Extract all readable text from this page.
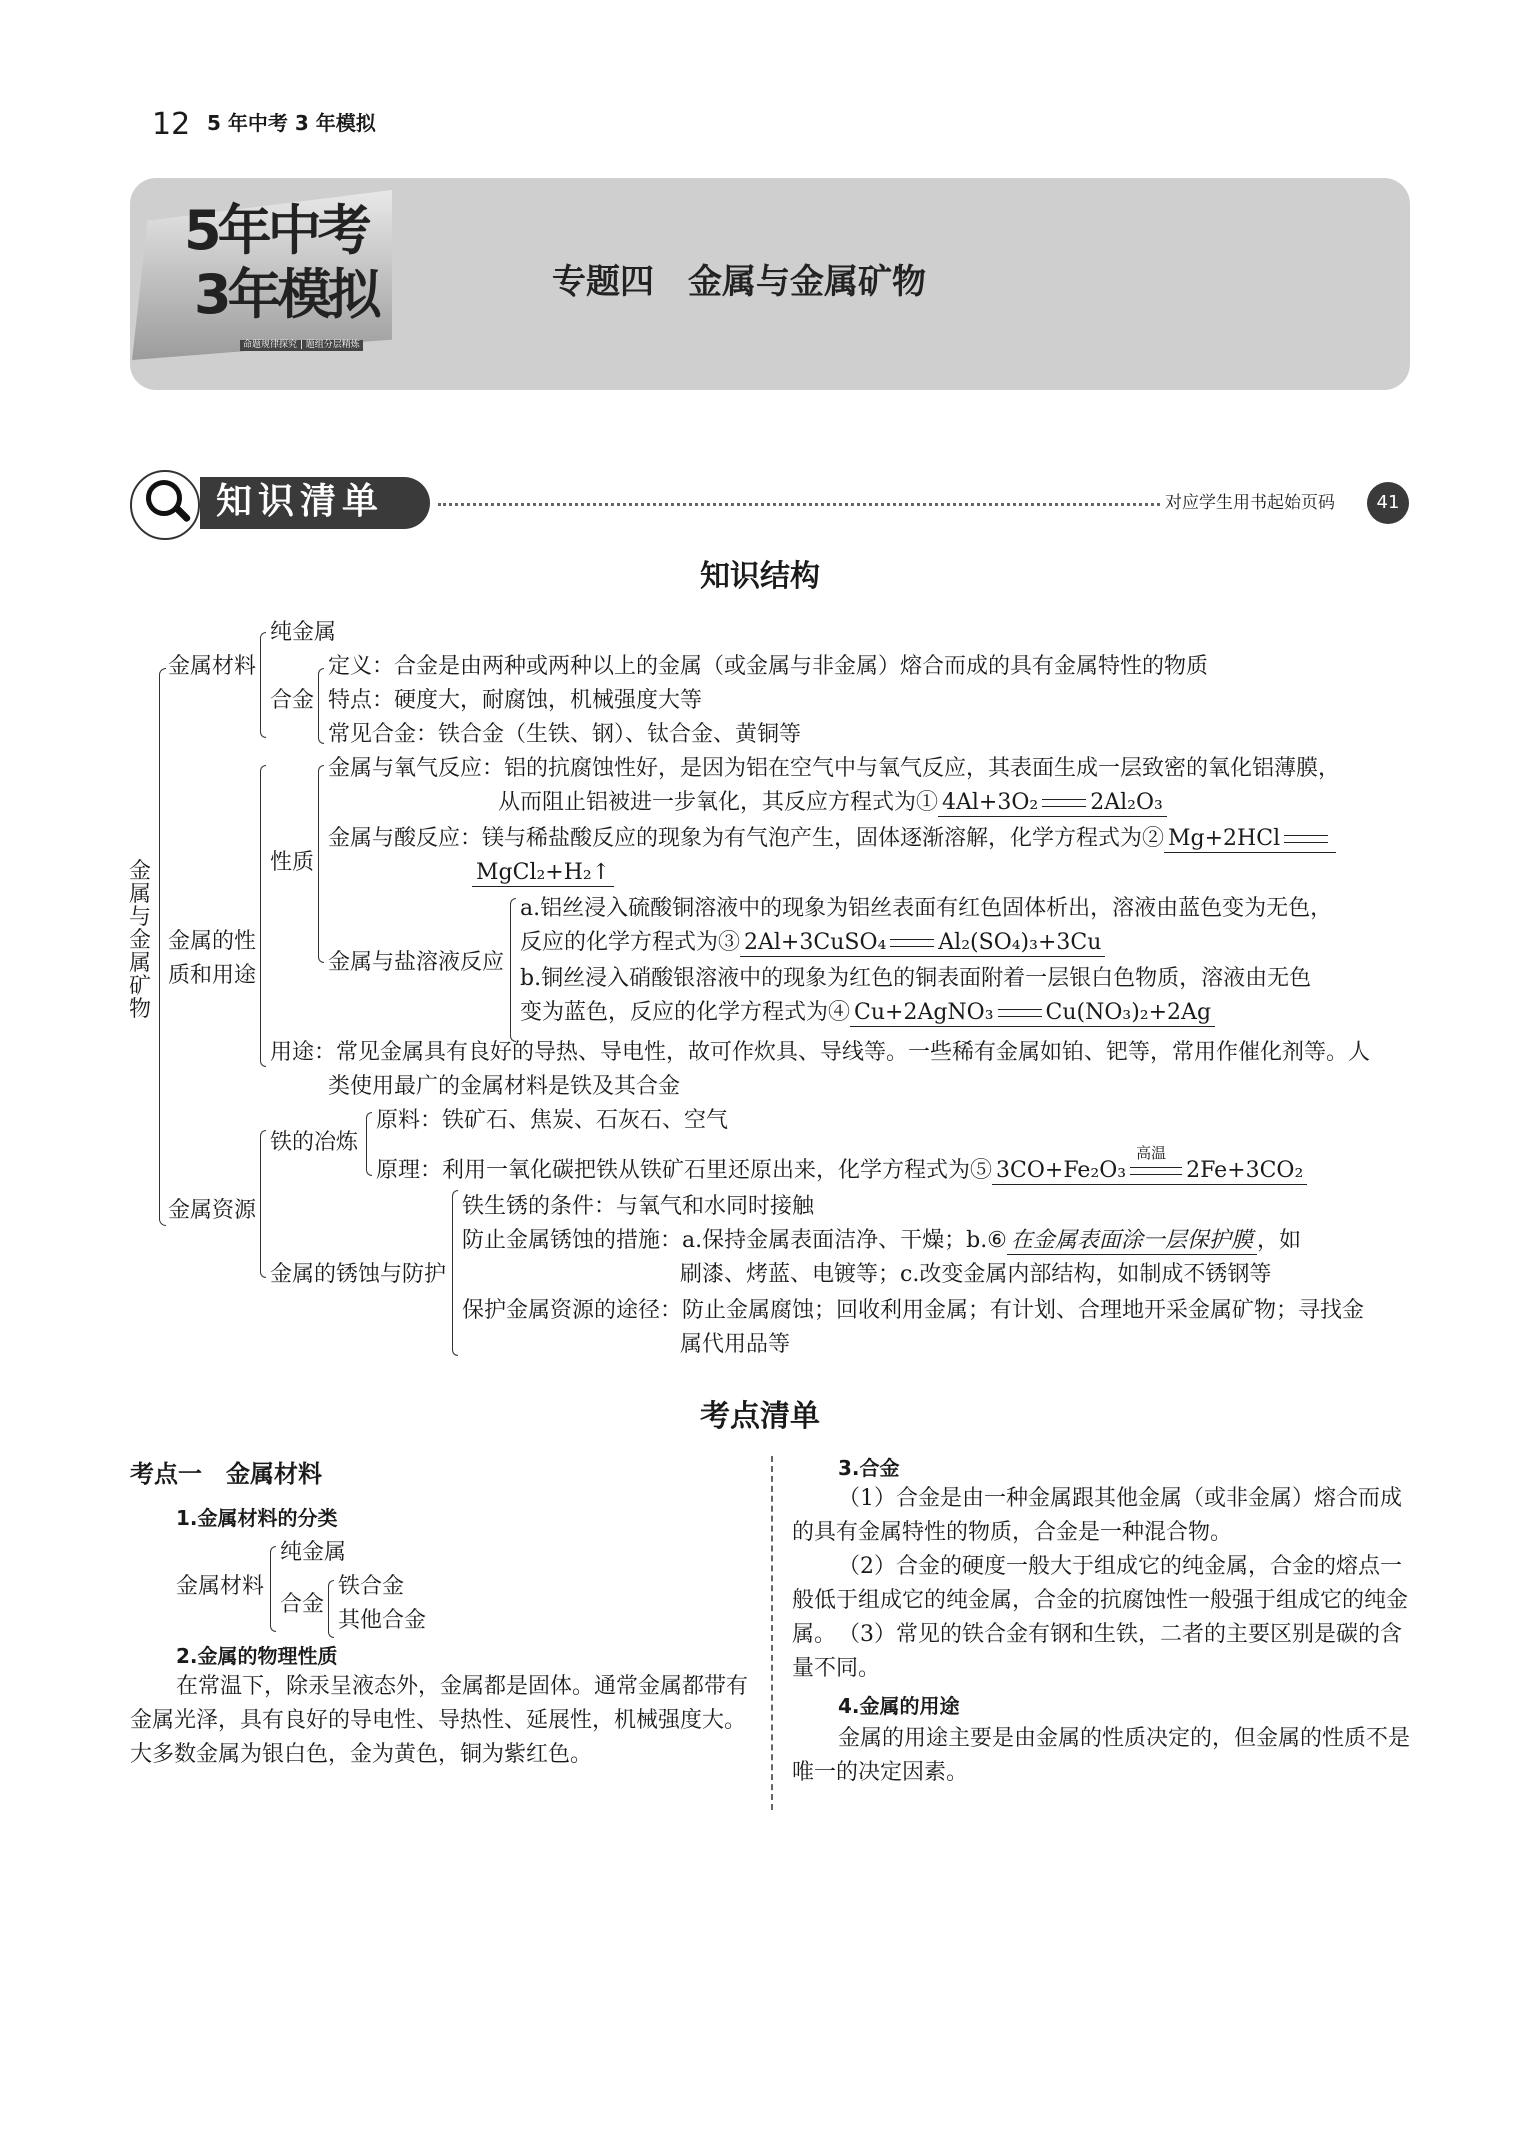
12 5 年中考 3 年模拟
5年中考
3年模拟
命题规律探究 | 题组分层精炼
专题四　金属与金属矿物
知识清单	对应学生用书起始页码	41
知识结构
金属与金属矿物
金属材料
纯金属
合金
定义：合金是由两种或两种以上的金属（或金属与非金属）熔合而成的具有金属特性的物质
特点：硬度大，耐腐蚀，机械强度大等
常见合金：铁合金（生铁、钢）、钛合金、黄铜等
金属的性
质和用途
性质
金属与氧气反应：铝的抗腐蚀性好，是因为铝在空气中与氧气反应，其表面生成一层致密的氧化铝薄膜，
从而阻止铝被进一步氧化，其反应方程式为① 4Al+3O₂ 2Al₂O₃
金属与酸反应：镁与稀盐酸反应的现象为有气泡产生，固体逐渐溶解，化学方程式为② Mg+2HCl
MgCl₂+H₂↑
金属与盐溶液反应
a.铝丝浸入硫酸铜溶液中的现象为铝丝表面有红色固体析出，溶液由蓝色变为无色，
反应的化学方程式为③ 2Al+3CuSO₄ Al₂(SO₄)₃+3Cu
b.铜丝浸入硝酸银溶液中的现象为红色的铜表面附着一层银白色物质，溶液由无色
变为蓝色，反应的化学方程式为④ Cu+2AgNO₃ Cu(NO₃)₂+2Ag
用途：常见金属具有良好的导热、导电性，故可作炊具、导线等。一些稀有金属如铂、钯等，常用作催化剂等。人
类使用最广的金属材料是铁及其合金
金属资源
铁的冶炼
原料：铁矿石、焦炭、石灰石、空气
原理：利用一氧化碳把铁从铁矿石里还原出来，化学方程式为⑤ 3CO+Fe₂O₃
高温
2Fe+3CO₂
金属的锈蚀与防护
铁生锈的条件：与氧气和水同时接触
防止金属锈蚀的措施：a.保持金属表面洁净、干燥；b.⑥ 在金属表面涂一层保护膜 ，如
刷漆、烤蓝、电镀等；c.改变金属内部结构，如制成不锈钢等
保护金属资源的途径：防止金属腐蚀；回收利用金属；有计划、合理地开采金属矿物；寻找金
属代用品等
考点清单
考点一　金属材料
1.金属材料的分类
金属材料
纯金属
合金
铁合金
其他合金
2.金属的物理性质
在常温下，除汞呈液态外，金属都是固体。通常金属都带有金属光泽，具有良好的导电性、导热性、延展性，机械强度大。大多数金属为银白色，金为黄色，铜为紫红色。
3.合金
（1）合金是由一种金属跟其他金属（或非金属）熔合而成的具有金属特性的物质，合金是一种混合物。
（2）合金的硬度一般大于组成它的纯金属，合金的熔点一般低于组成它的纯金属，合金的抗腐蚀性一般强于组成它的纯金属。 （3）常见的铁合金有钢和生铁，二者的主要区别是碳的含量不同。
4.金属的用途
金属的用途主要是由金属的性质决定的，但金属的性质不是唯一的决定因素。
